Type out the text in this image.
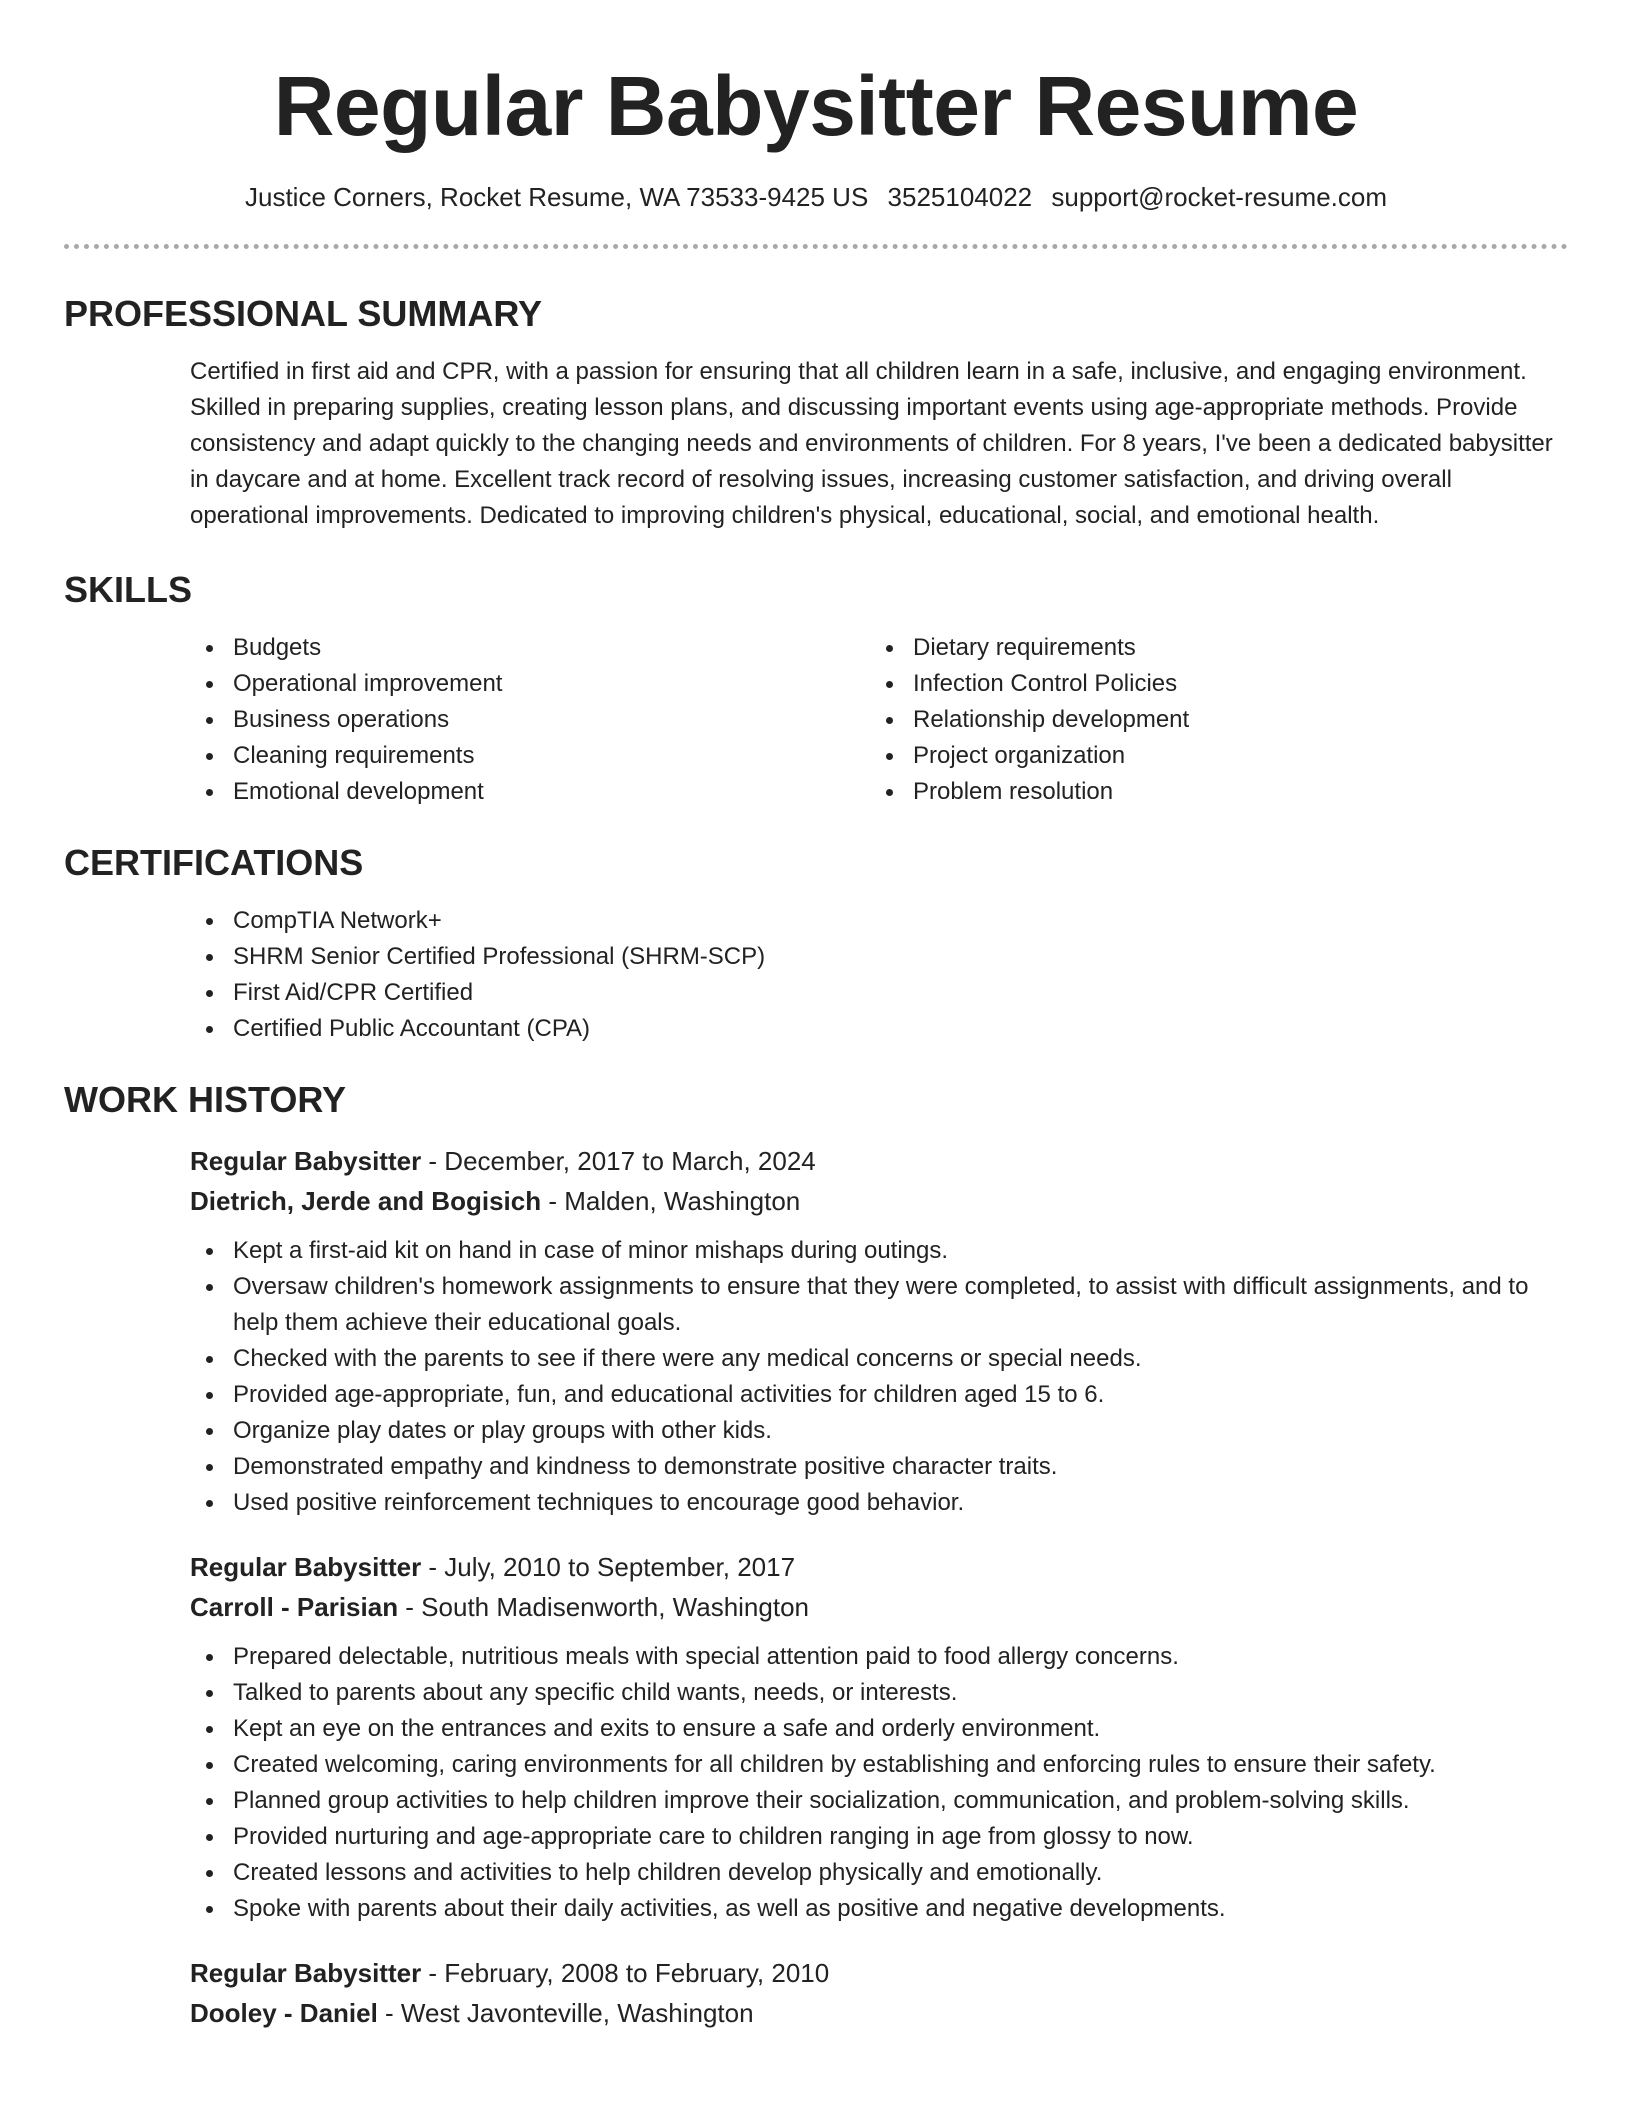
Regular Babysitter Resume
Justice Corners, Rocket Resume, WA 73533-9425 US 3525104022 support@rocket-resume.com
PROFESSIONAL SUMMARY

Certified in first aid and CPR, with a passion for ensuring that all children learn in a safe, inclusive, and engaging environment. Skilled in preparing supplies, creating lesson plans, and discussing important events using age-appropriate methods. Provide consistency and adapt quickly to the changing needs and environments of children. For 8 years, I've been a dedicated babysitter in daycare and at home. Excellent track record of resolving issues, increasing customer satisfaction, and driving overall operational improvements. Dedicated to improving children's physical, educational, social, and emotional health.

SKILLS
Budgets
Operational improvement
Business operations
Cleaning requirements
Emotional development
Dietary requirements
Infection Control Policies
Relationship development
Project organization
Problem resolution
CERTIFICATIONS
CompTIA Network+
SHRM Senior Certified Professional (SHRM-SCP)
First Aid/CPR Certified
Certified Public Accountant (CPA)
WORK HISTORY
Regular Babysitter - December, 2017 to March, 2024
Dietrich, Jerde and Bogisich - Malden, Washington
Kept a first-aid kit on hand in case of minor mishaps during outings.
Oversaw children's homework assignments to ensure that they were completed, to assist with difficult assignments, and to help them achieve their educational goals.
Checked with the parents to see if there were any medical concerns or special needs.
Provided age-appropriate, fun, and educational activities for children aged 15 to 6.
Organize play dates or play groups with other kids.
Demonstrated empathy and kindness to demonstrate positive character traits.
Used positive reinforcement techniques to encourage good behavior.
Regular Babysitter - July, 2010 to September, 2017
Carroll - Parisian - South Madisenworth, Washington
Prepared delectable, nutritious meals with special attention paid to food allergy concerns.
Talked to parents about any specific child wants, needs, or interests.
Kept an eye on the entrances and exits to ensure a safe and orderly environment.
Created welcoming, caring environments for all children by establishing and enforcing rules to ensure their safety.
Planned group activities to help children improve their socialization, communication, and problem-solving skills.
Provided nurturing and age-appropriate care to children ranging in age from glossy to now.
Created lessons and activities to help children develop physically and emotionally.
Spoke with parents about their daily activities, as well as positive and negative developments.
Regular Babysitter - February, 2008 to February, 2010
Dooley - Daniel - West Javonteville, Washington
